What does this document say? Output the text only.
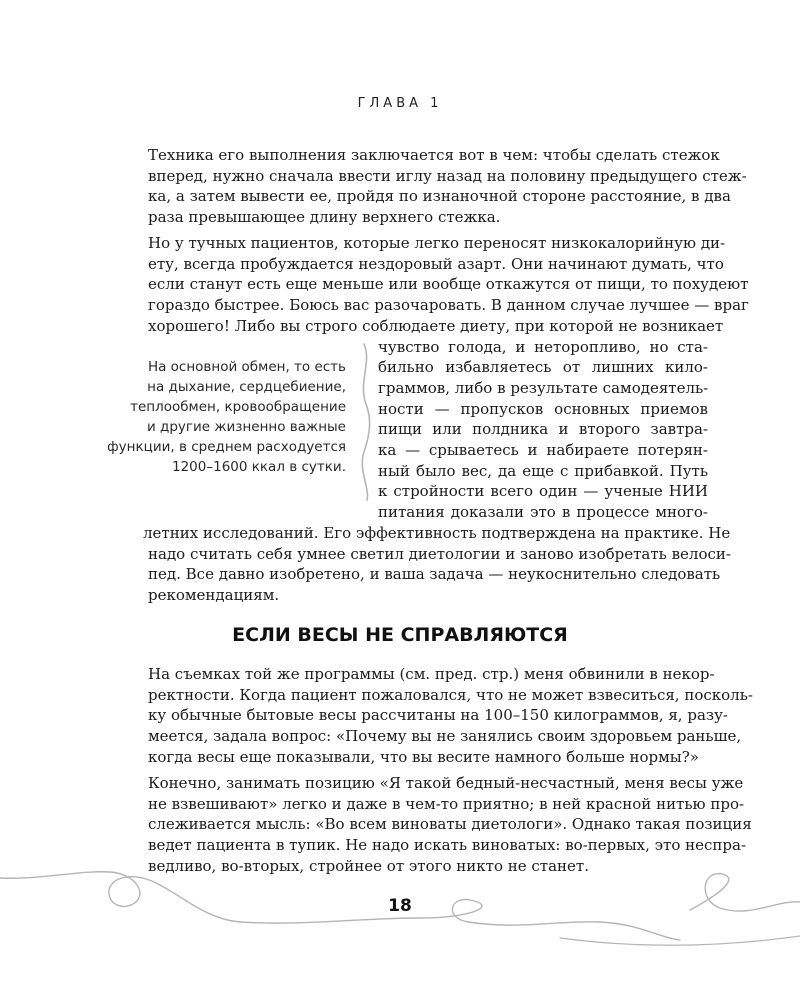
ГЛАВА 1
Техника его выполнения заключается вот в чем: чтобы сделать стежок
вперед, нужно сначала ввести иглу назад на половину предыдущего стеж-
ка, а затем вывести ее, пройдя по изнаночной стороне расстояние, в два
раза превышающее длину верхнего стежка.
Но у тучных пациентов, которые легко переносят низкокалорийную ди-
ету, всегда пробуждается нездоровый азарт. Они начинают думать, что
если станут есть еще меньше или вообще откажутся от пищи, то похудеют
гораздо быстрее. Боюсь вас разочаровать. В данном случае лучшее — враг
хорошего! Либо вы строго соблюдаете диету, при которой не возникает
чувство голода, и неторопливо, но ста-
бильно избавляетесь от лишних кило-
граммов, либо в результате самодеятель-
ности — пропусков основных приемов
пищи или полдника и второго завтра-
ка — срываетесь и набираете потерян-
ный было вес, да еще с прибавкой. Путь
к стройности всего один — ученые НИИ
питания доказали это в процессе много-
летних исследований. Его эффективность подтверждена на практике. Не
надо считать себя умнее светил диетологии и заново изобретать велоси-
пед. Все давно изобретено, и ваша задача — неукоснительно следовать
рекомендациям.
На основной обмен, то есть
на дыхание, сердцебиение,
теплообмен, кровообращение
и другие жизненно важные
функции, в среднем расходуется
1200–1600 ккал в сутки.
ЕСЛИ ВЕСЫ НЕ СПРАВЛЯЮТСЯ
На съемках той же программы (см. пред. стр.) меня обвинили в некор-
ректности. Когда пациент пожаловался, что не может взвеситься, посколь-
ку обычные бытовые весы рассчитаны на 100–150 килограммов, я, разу-
меется, задала вопрос: «Почему вы не занялись своим здоровьем раньше,
когда весы еще показывали, что вы весите намного больше нормы?»
Конечно, занимать позицию «Я такой бедный-несчастный, меня весы уже
не взвешивают» легко и даже в чем-то приятно; в ней красной нитью про-
слеживается мысль: «Во всем виноваты диетологи». Однако такая позиция
ведет пациента в тупик. Не надо искать виноватых: во-первых, это неспра-
ведливо, во-вторых, стройнее от этого никто не станет.
18
